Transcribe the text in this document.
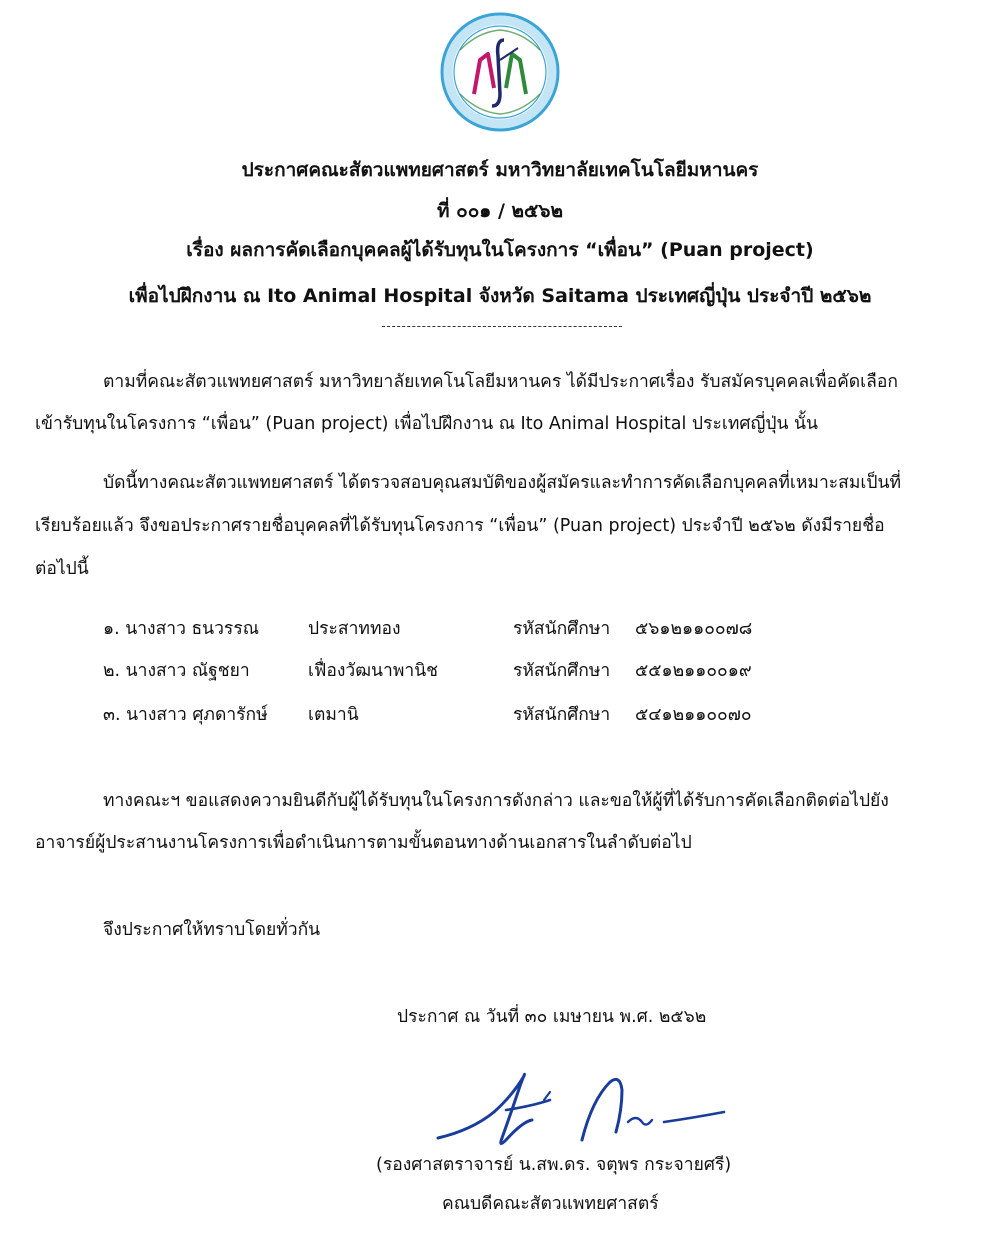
ประกาศคณะสัตวแพทยศาสตร์ มหาวิทยาลัยเทคโนโลยีมหานคร
ที่ ๐๐๑ / ๒๕๖๒
เรื่อง ผลการคัดเลือกบุคคลผู้ได้รับทุนในโครงการ “เพื่อน” (Puan project)
เพื่อไปฝึกงาน ณ Ito Animal Hospital จังหวัด Saitama ประเทศญี่ปุ่น ประจำปี ๒๕๖๒
ตามที่คณะสัตวแพทยศาสตร์ มหาวิทยาลัยเทคโนโลยีมหานคร ได้มีประกาศเรื่อง รับสมัครบุคคลเพื่อคัดเลือก
เข้ารับทุนในโครงการ “เพื่อน” (Puan project) เพื่อไปฝึกงาน ณ Ito Animal Hospital ประเทศญี่ปุ่น นั้น
บัดนี้ทางคณะสัตวแพทยศาสตร์ ได้ตรวจสอบคุณสมบัติของผู้สมัครและทำการคัดเลือกบุคคลที่เหมาะสมเป็นที่
เรียบร้อยแล้ว จึงขอประกาศรายชื่อบุคคลที่ได้รับทุนโครงการ “เพื่อน” (Puan project) ประจำปี ๒๕๖๒ ดังมีรายชื่อ
ต่อไปนี้
๑. นางสาว ธนวรรณ	ประสาททอง	รหัสนักศึกษา ๕๖๑๒๑๑๐๐๗๘
๒. นางสาว ณัฐชยา	เฟื่องวัฒนาพานิช	รหัสนักศึกษา ๕๕๑๒๑๑๐๐๑๙
๓. นางสาว ศุภดารักษ์ เตมานิ	รหัสนักศึกษา ๕๔๑๒๑๑๐๐๗๐
ทางคณะฯ ขอแสดงความยินดีกับผู้ได้รับทุนในโครงการดังกล่าว และขอให้ผู้ที่ได้รับการคัดเลือกติดต่อไปยัง
อาจารย์ผู้ประสานงานโครงการเพื่อดำเนินการตามขั้นตอนทางด้านเอกสารในลำดับต่อไป
จึงประกาศให้ทราบโดยทั่วกัน
ประกาศ ณ วันที่ ๓๐ เมษายน พ.ศ. ๒๕๖๒
(รองศาสตราจารย์ น.สพ.ดร. จตุพร กระจายศรี)
คณบดีคณะสัตวแพทยศาสตร์
